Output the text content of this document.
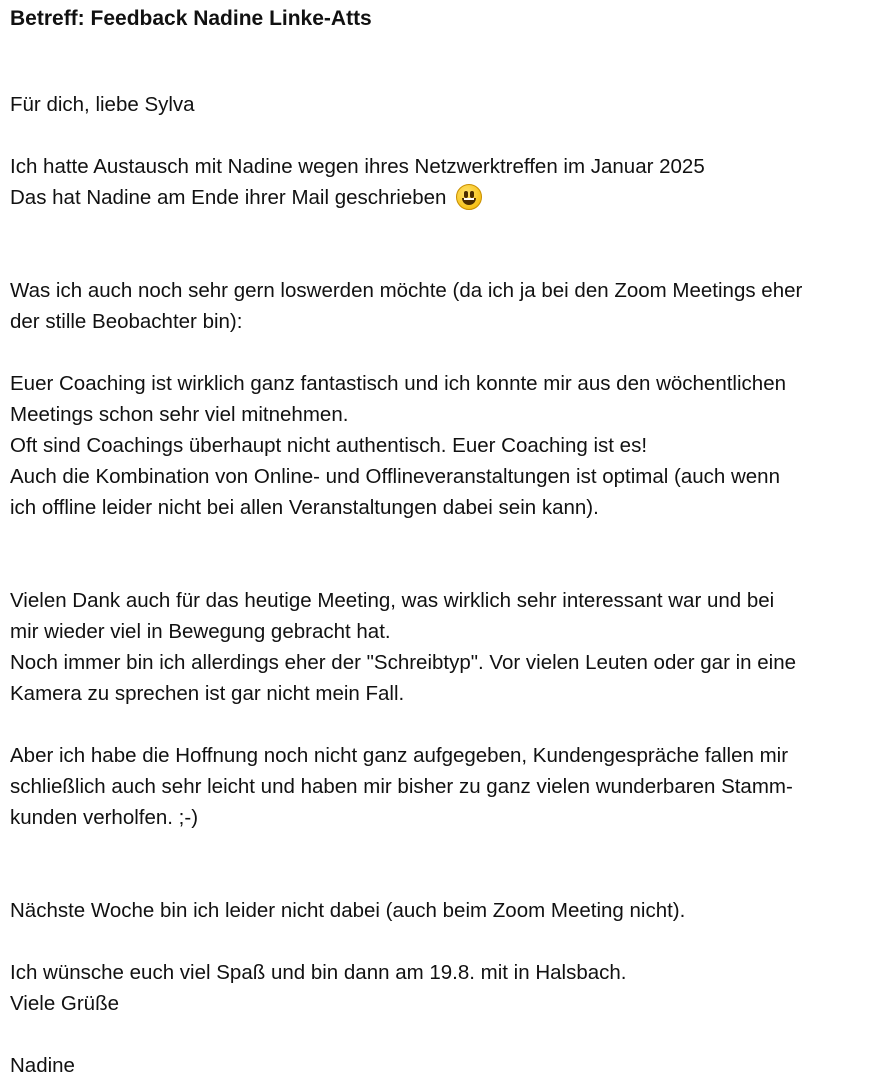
Betreff: Feedback Nadine Linke-Atts

Für dich, liebe Sylva

Ich hatte Austausch mit Nadine wegen ihres Netzwerktreffen im Januar 2025

Das hat Nadine am Ende ihrer Mail geschrieben

Was ich auch noch sehr gern loswerden möchte (da ich ja bei den Zoom Meetings eher

der stille Beobachter bin):

Euer Coaching ist wirklich ganz fantastisch und ich konnte mir aus den wöchentlichen

Meetings schon sehr viel mitnehmen.

Oft sind Coachings überhaupt nicht authentisch. Euer Coaching ist es!

Auch die Kombination von Online- und Offlineveranstaltungen ist optimal (auch wenn

ich offline leider nicht bei allen Veranstaltungen dabei sein kann).

Vielen Dank auch für das heutige Meeting, was wirklich sehr interessant war und bei

mir wieder viel in Bewegung gebracht hat.

Noch immer bin ich allerdings eher der "Schreibtyp". Vor vielen Leuten oder gar in eine

Kamera zu sprechen ist gar nicht mein Fall.

Aber ich habe die Hoffnung noch nicht ganz aufgegeben, Kundengespräche fallen mir

schließlich auch sehr leicht und haben mir bisher zu ganz vielen wunderbaren Stamm-

kunden verholfen. ;-)

Nächste Woche bin ich leider nicht dabei (auch beim Zoom Meeting nicht).

Ich wünsche euch viel Spaß und bin dann am 19.8. mit in Halsbach.

Viele Grüße

Nadine
